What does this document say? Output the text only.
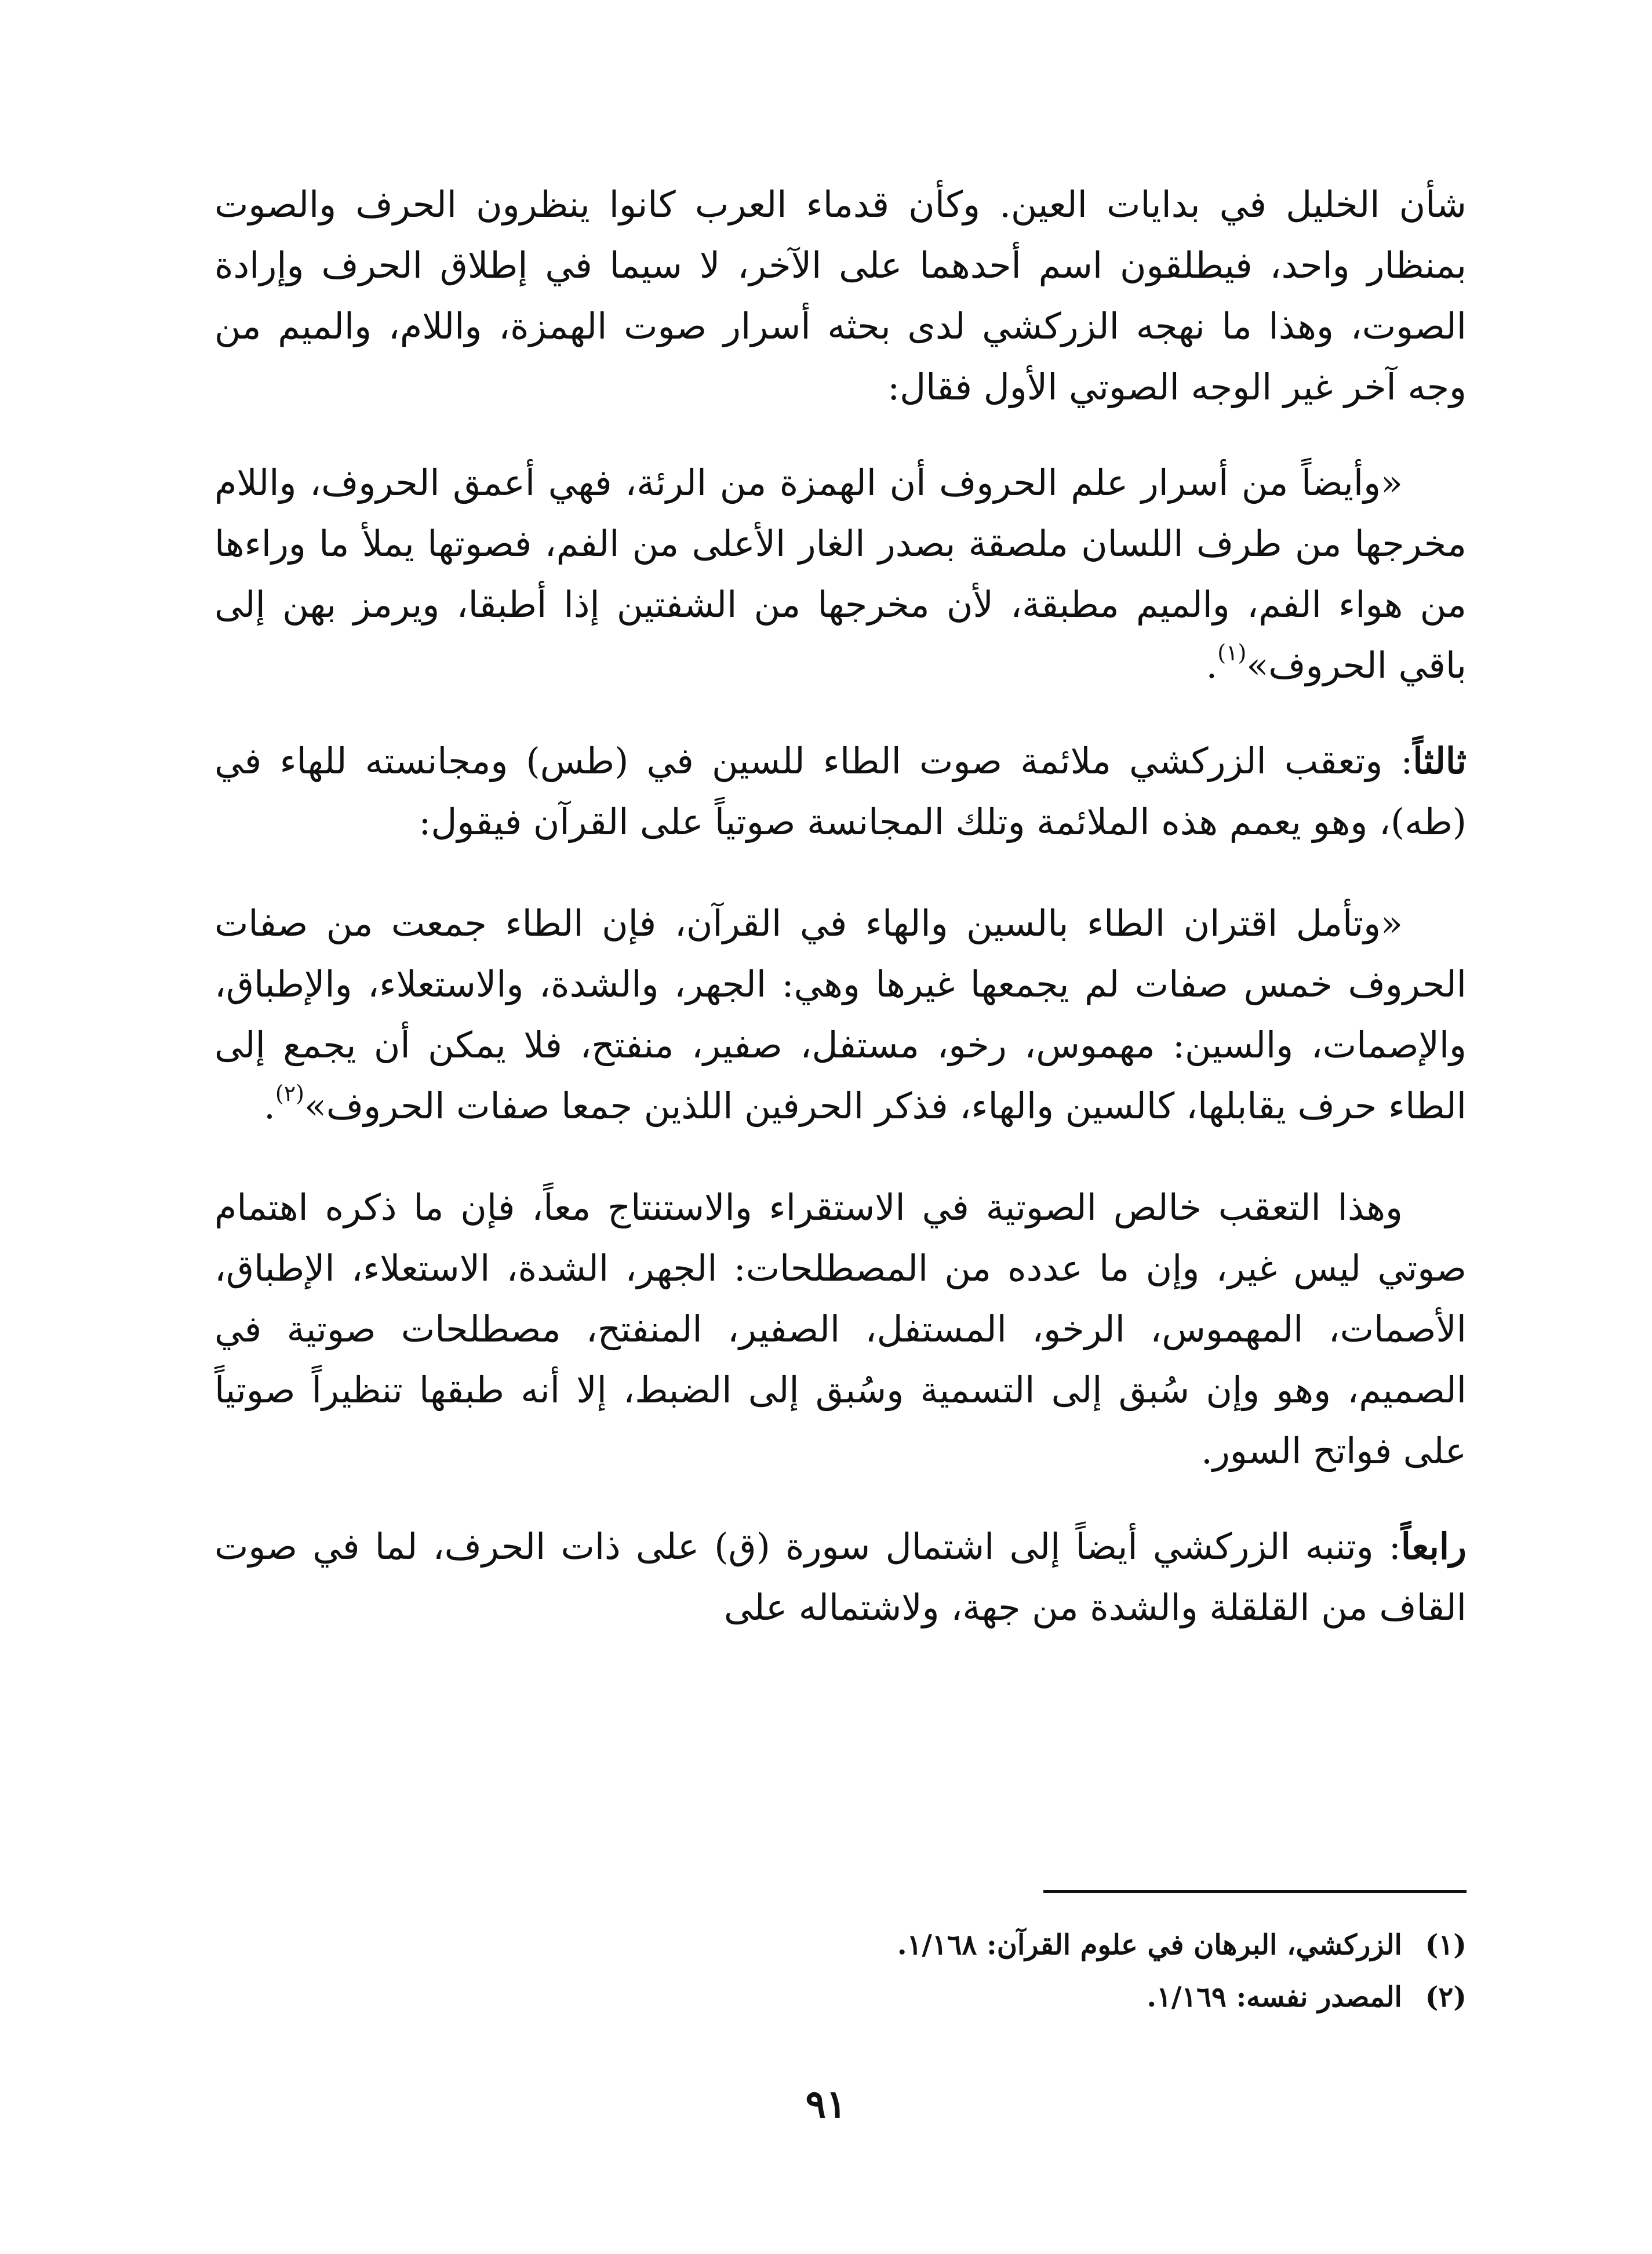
شأن الخليل في بدايات العين. وكأن قدماء العرب كانوا ينظرون الحرف والصوت بمنظار واحد، فيطلقون اسم أحدهما على الآخر، لا سيما في إطلاق الحرف وإرادة الصوت، وهذا ما نهجه الزركشي لدى بحثه أسرار صوت الهمزة، واللام، والميم من وجه آخر غير الوجه الصوتي الأول فقال:

«وأيضاً من أسرار علم الحروف أن الهمزة من الرئة، فهي أعمق الحروف، واللام مخرجها من طرف اللسان ملصقة بصدر الغار الأعلى من الفم، فصوتها يملأ ما وراءها من هواء الفم، والميم مطبقة، لأن مخرجها من الشفتين إذا أطبقا، ويرمز بهن إلى باقي الحروف»$^{(١)}$.

ثالثاً: وتعقب الزركشي ملائمة صوت الطاء للسين في (طس) ومجانسته للهاء في (طه)، وهو يعمم هذه الملائمة وتلك المجانسة صوتياً على القرآن فيقول:

«وتأمل اقتران الطاء بالسين والهاء في القرآن، فإن الطاء جمعت من صفات الحروف خمس صفات لم يجمعها غيرها وهي: الجهر، والشدة، والاستعلاء، والإطباق، والإصمات، والسين: مهموس، رخو، مستفل، صفير، منفتح، فلا يمكن أن يجمع إلى الطاء حرف يقابلها، كالسين والهاء، فذكر الحرفين اللذين جمعا صفات الحروف»$^{(٢)}$.

وهذا التعقب خالص الصوتية في الاستقراء والاستنتاج معاً، فإن ما ذكره اهتمام صوتي ليس غير، وإن ما عدده من المصطلحات: الجهر، الشدة، الاستعلاء، الإطباق، الأصمات، المهموس، الرخو، المستفل، الصفير، المنفتح، مصطلحات صوتية في الصميم، وهو وإن سُبق إلى التسمية وسُبق إلى الضبط، إلا أنه طبقها تنظيراً صوتياً على فواتح السور.

رابعاً: وتنبه الزركشي أيضاً إلى اشتمال سورة (ق) على ذات الحرف، لما في صوت القاف من القلقلة والشدة من جهة، ولاشتماله على

(١)الزركشي، البرهان في علوم القرآن: ١/١٦٨.
(٢)المصدر نفسه: ١/١٦٩.
٩١
